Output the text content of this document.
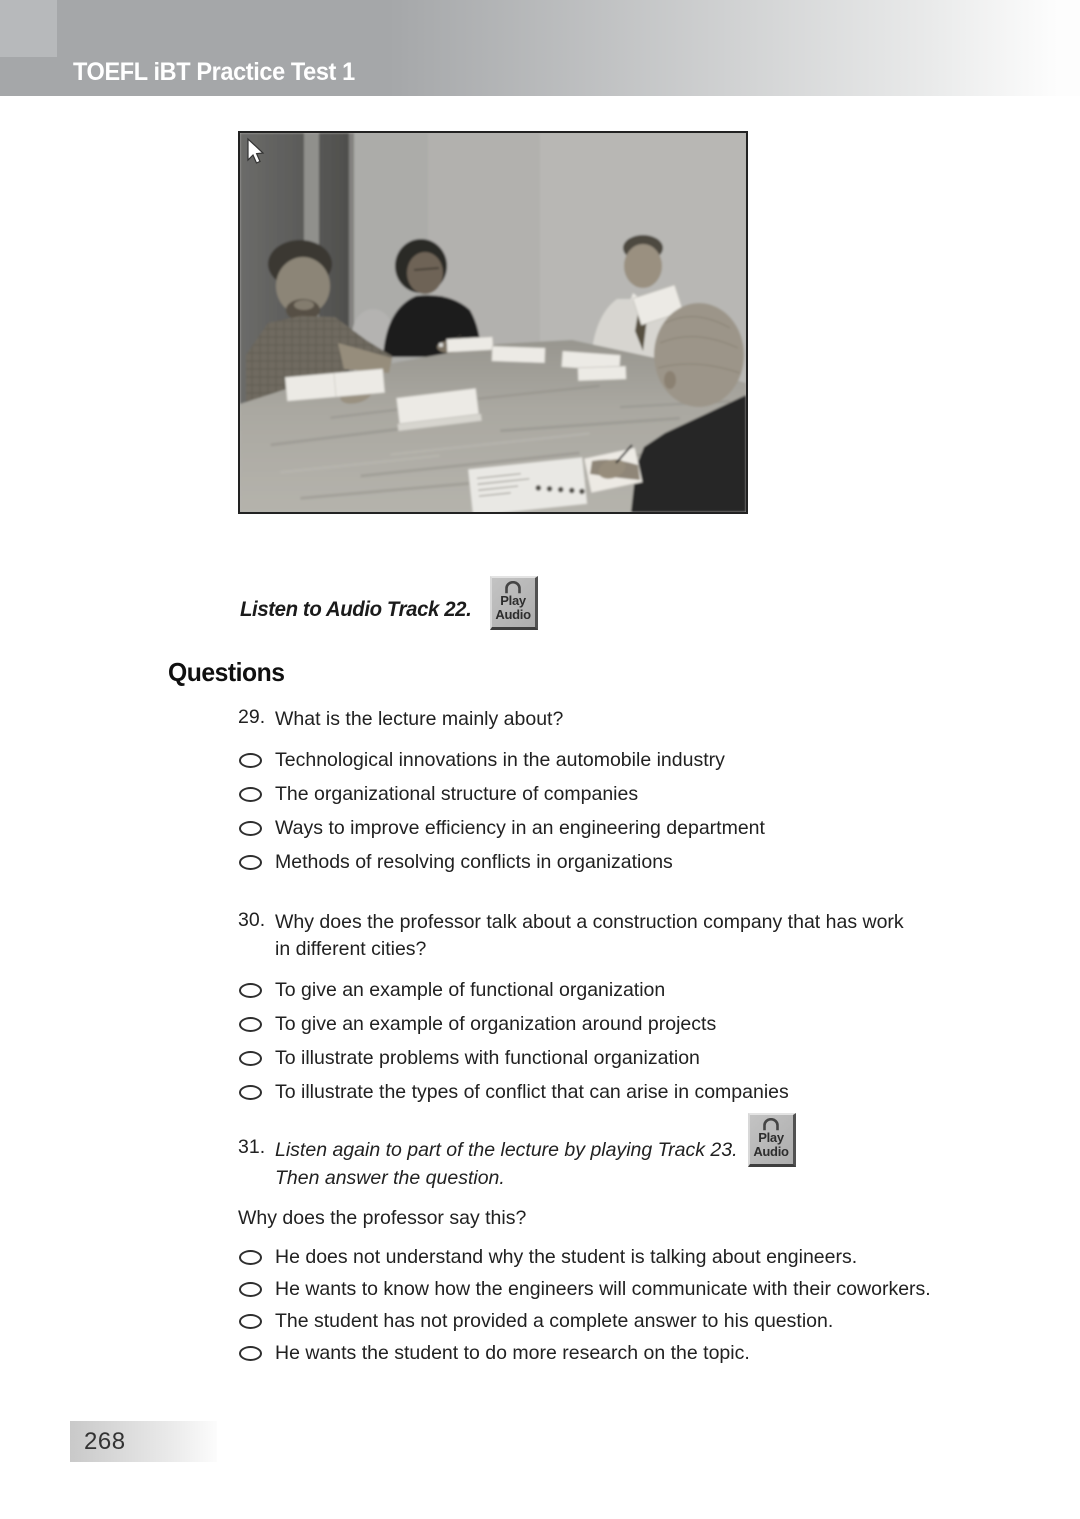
TOEFL iBT Practice Test 1
Listen to Audio Track 22. Play
Audio
Questions
29. What is the lecture mainly about?
Technological innovations in the automobile industry
The organizational structure of companies
Ways to improve efficiency in an engineering department
Methods of resolving conflicts in organizations
30. Why does the professor talk about a construction company that has work in different cities?
To give an example of functional organization
To give an example of organization around projects
To illustrate problems with functional organization
To illustrate the types of conflict that can arise in companies
31. Listen again to part of the lecture by playing Track 23.
Then answer the question.
Play
Audio
Why does the professor say this?
He does not understand why the student is talking about engineers.
He wants to know how the engineers will communicate with their coworkers.
The student has not provided a complete answer to his question.
He wants the student to do more research on the topic.
268
